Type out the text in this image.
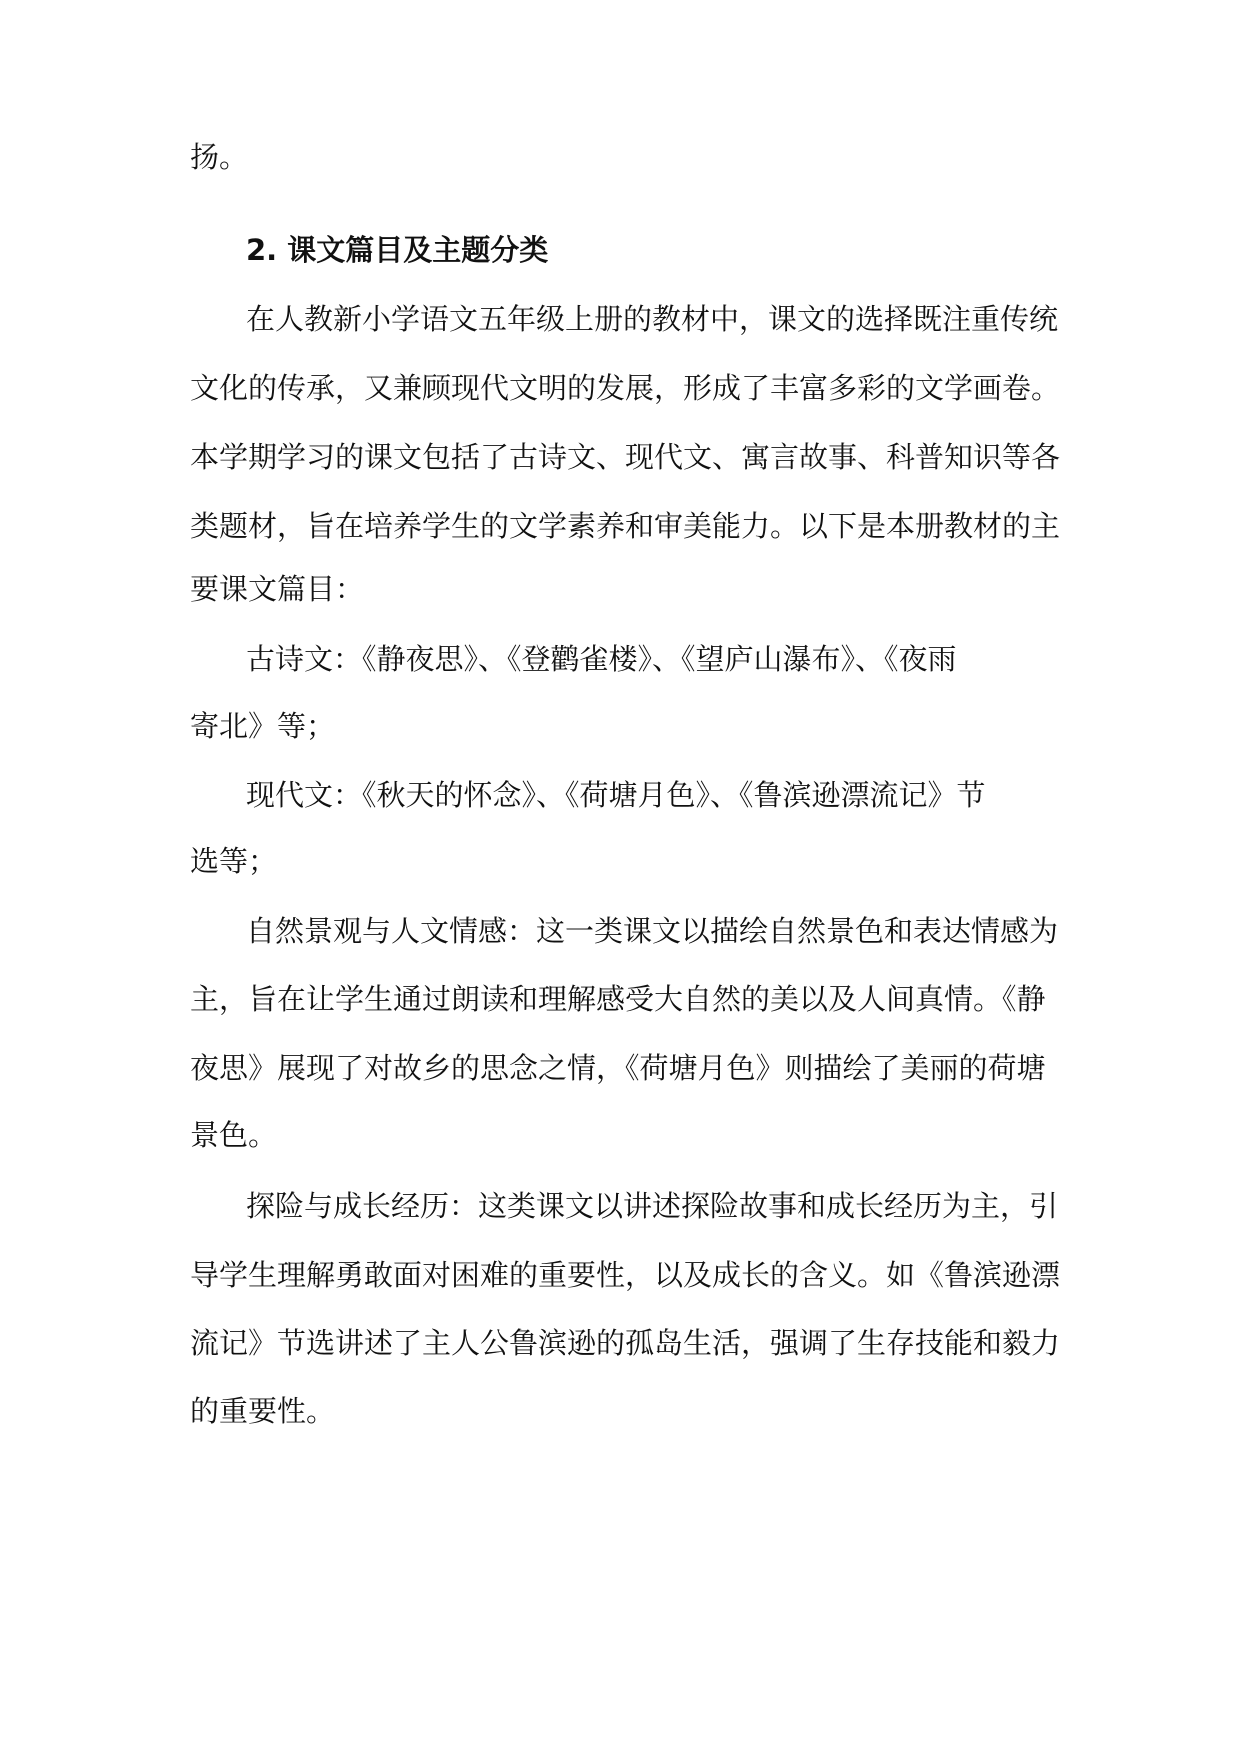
扬。
2. 课文篇目及主题分类
在人教新小学语文五年级上册的教材中，课文的选择既注重传统
文化的传承，又兼顾现代文明的发展，形成了丰富多彩的文学画卷。
本学期学习的课文包括了古诗文、现代文、寓言故事、科普知识等各
类题材，旨在培养学生的文学素养和审美能力。以下是本册教材的主
要课文篇目：
古诗文：《静夜思》、《登鹳雀楼》、《望庐山瀑布》、《夜雨
寄北》等；
现代文：《秋天的怀念》、《荷塘月色》、《鲁滨逊漂流记》节
选等；
自然景观与人文情感：这一类课文以描绘自然景色和表达情感为
主，旨在让学生通过朗读和理解感受大自然的美以及人间真情。《静
夜思》展现了对故乡的思念之情，《荷塘月色》则描绘了美丽的荷塘
景色。
探险与成长经历：这类课文以讲述探险故事和成长经历为主，引
导学生理解勇敢面对困难的重要性，以及成长的含义。如《鲁滨逊漂
流记》节选讲述了主人公鲁滨逊的孤岛生活，强调了生存技能和毅力
的重要性。
